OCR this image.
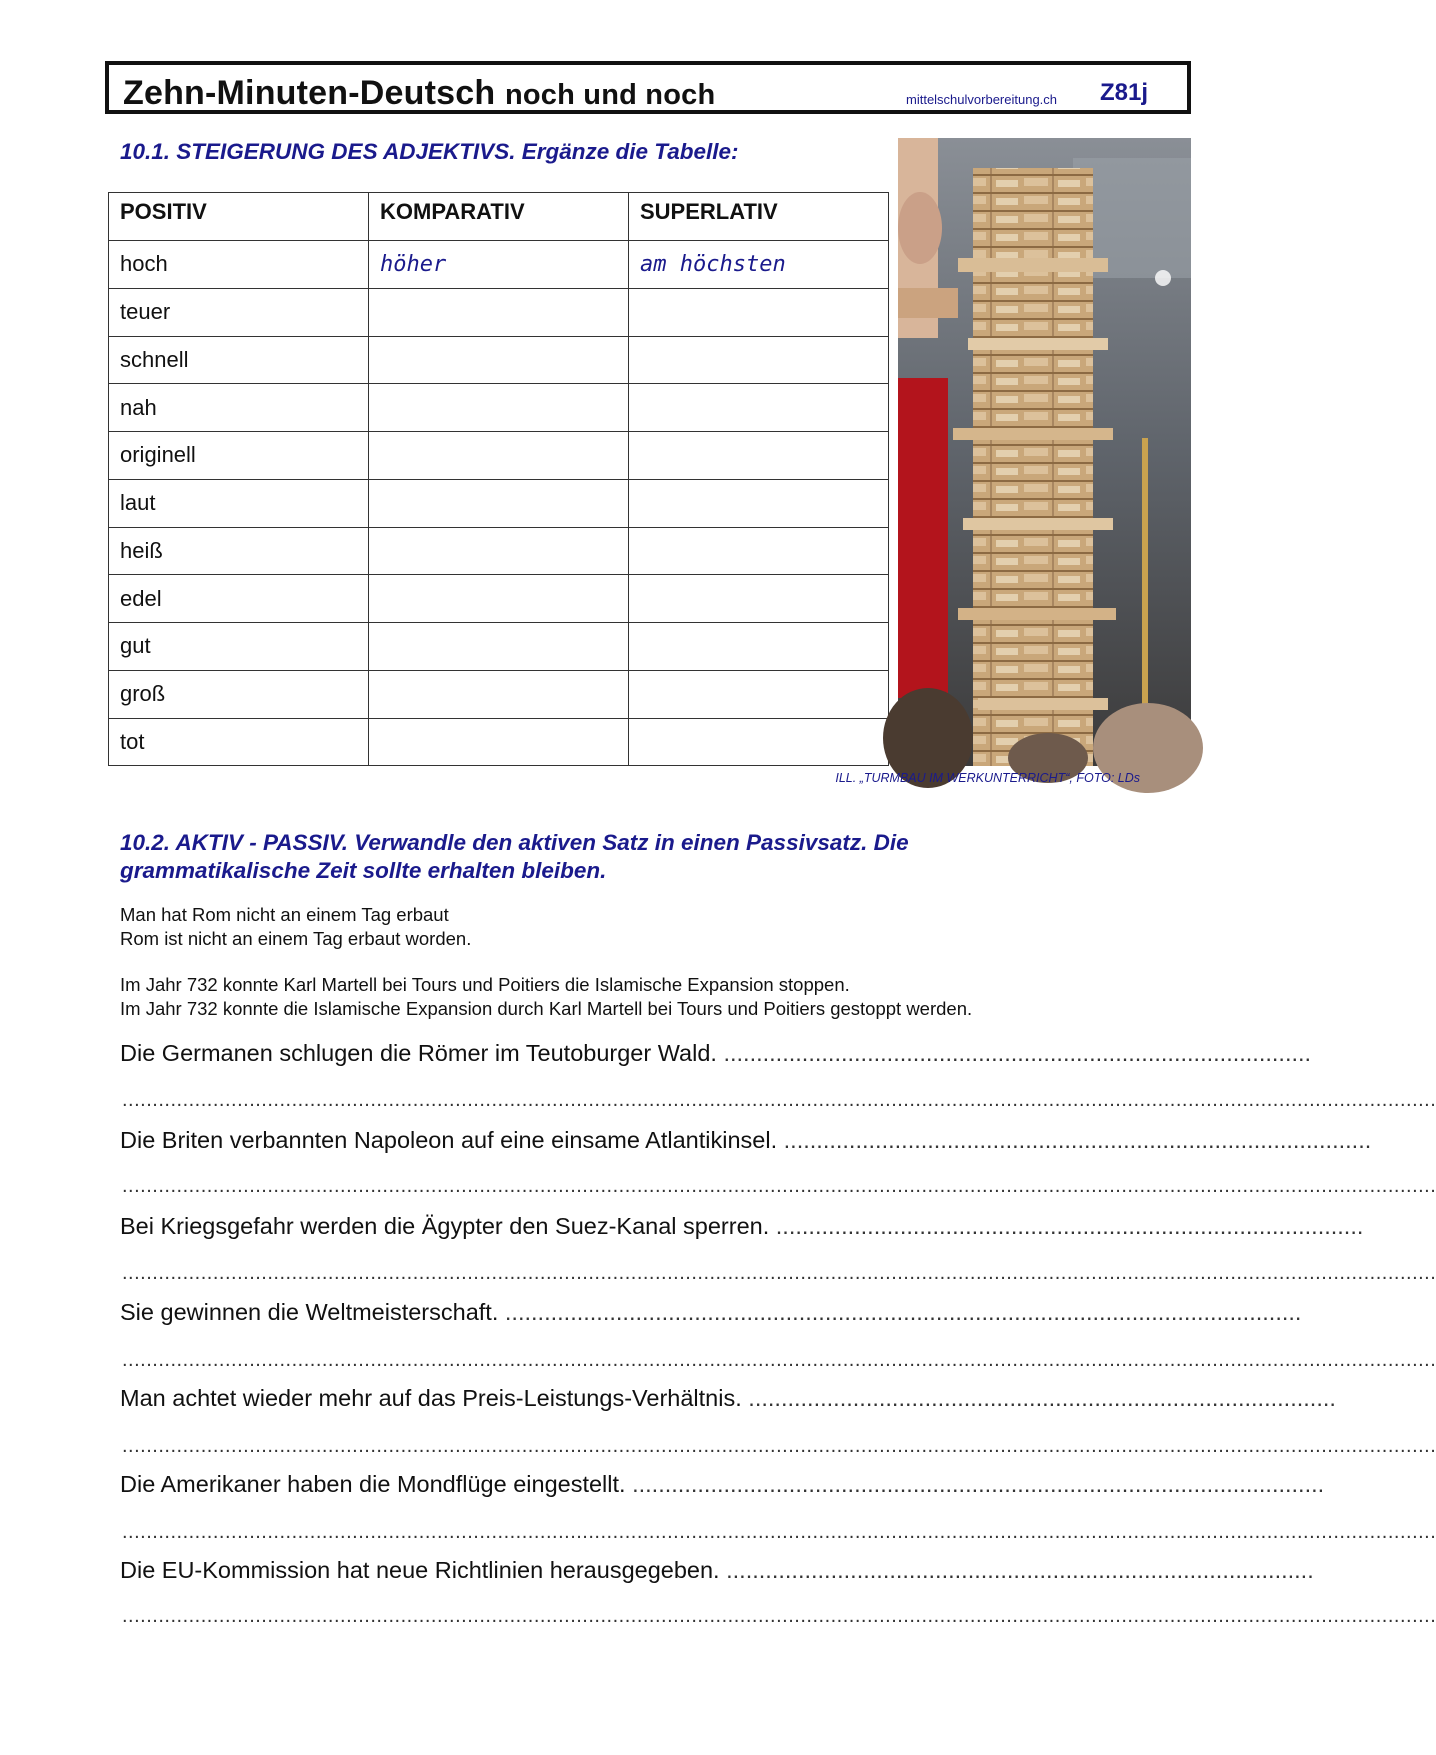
Zehn-Minuten-Deutsch noch und noch	mittelschulvorbereitung.ch Z81j
10.1. STEIGERUNG DES ADJEKTIVS. Ergänze die Tabelle:
POSITIV	KOMPARATIV	SUPERLATIV
hoch	höher	am höchsten
teuer		
schnell		
nah		
originell		
laut		
heiß		
edel		
gut		
groß		
tot		
ILL. „TURMBAU IM WERKUNTERRICHT“, FOTO: LDs
10.2. AKTIV - PASSIV. Verwandle den aktiven Satz in einen Passivsatz. Die
grammatikalische Zeit sollte erhalten bleiben.
Man hat Rom nicht an einem Tag erbaut
Rom ist nicht an einem Tag erbaut worden.
Im Jahr 732 konnte Karl Martell bei Tours und Poitiers die Islamische Expansion stoppen.
Im Jahr 732 konnte die Islamische Expansion durch Karl Martell bei Tours und Poitiers gestoppt werden.
Die Germanen schlugen die Römer im Teutoburger Wald. ..........................................................................................
.........................................................................................................................................................................................................................
Die Briten verbannten Napoleon auf eine einsame Atlantikinsel. ..........................................................................................
.........................................................................................................................................................................................................................
Bei Kriegsgefahr werden die Ägypter den Suez-Kanal sperren. ..........................................................................................
.........................................................................................................................................................................................................................
Sie gewinnen die Weltmeisterschaft. ..........................................................................................................................
.........................................................................................................................................................................................................................
Man achtet wieder mehr auf das Preis-Leistungs-Verhältnis. ..........................................................................................
.........................................................................................................................................................................................................................
Die Amerikaner haben die Mondflüge eingestellt. ..........................................................................................................
.........................................................................................................................................................................................................................
Die EU-Kommission hat neue Richtlinien herausgegeben. ..........................................................................................
.........................................................................................................................................................................................................................
